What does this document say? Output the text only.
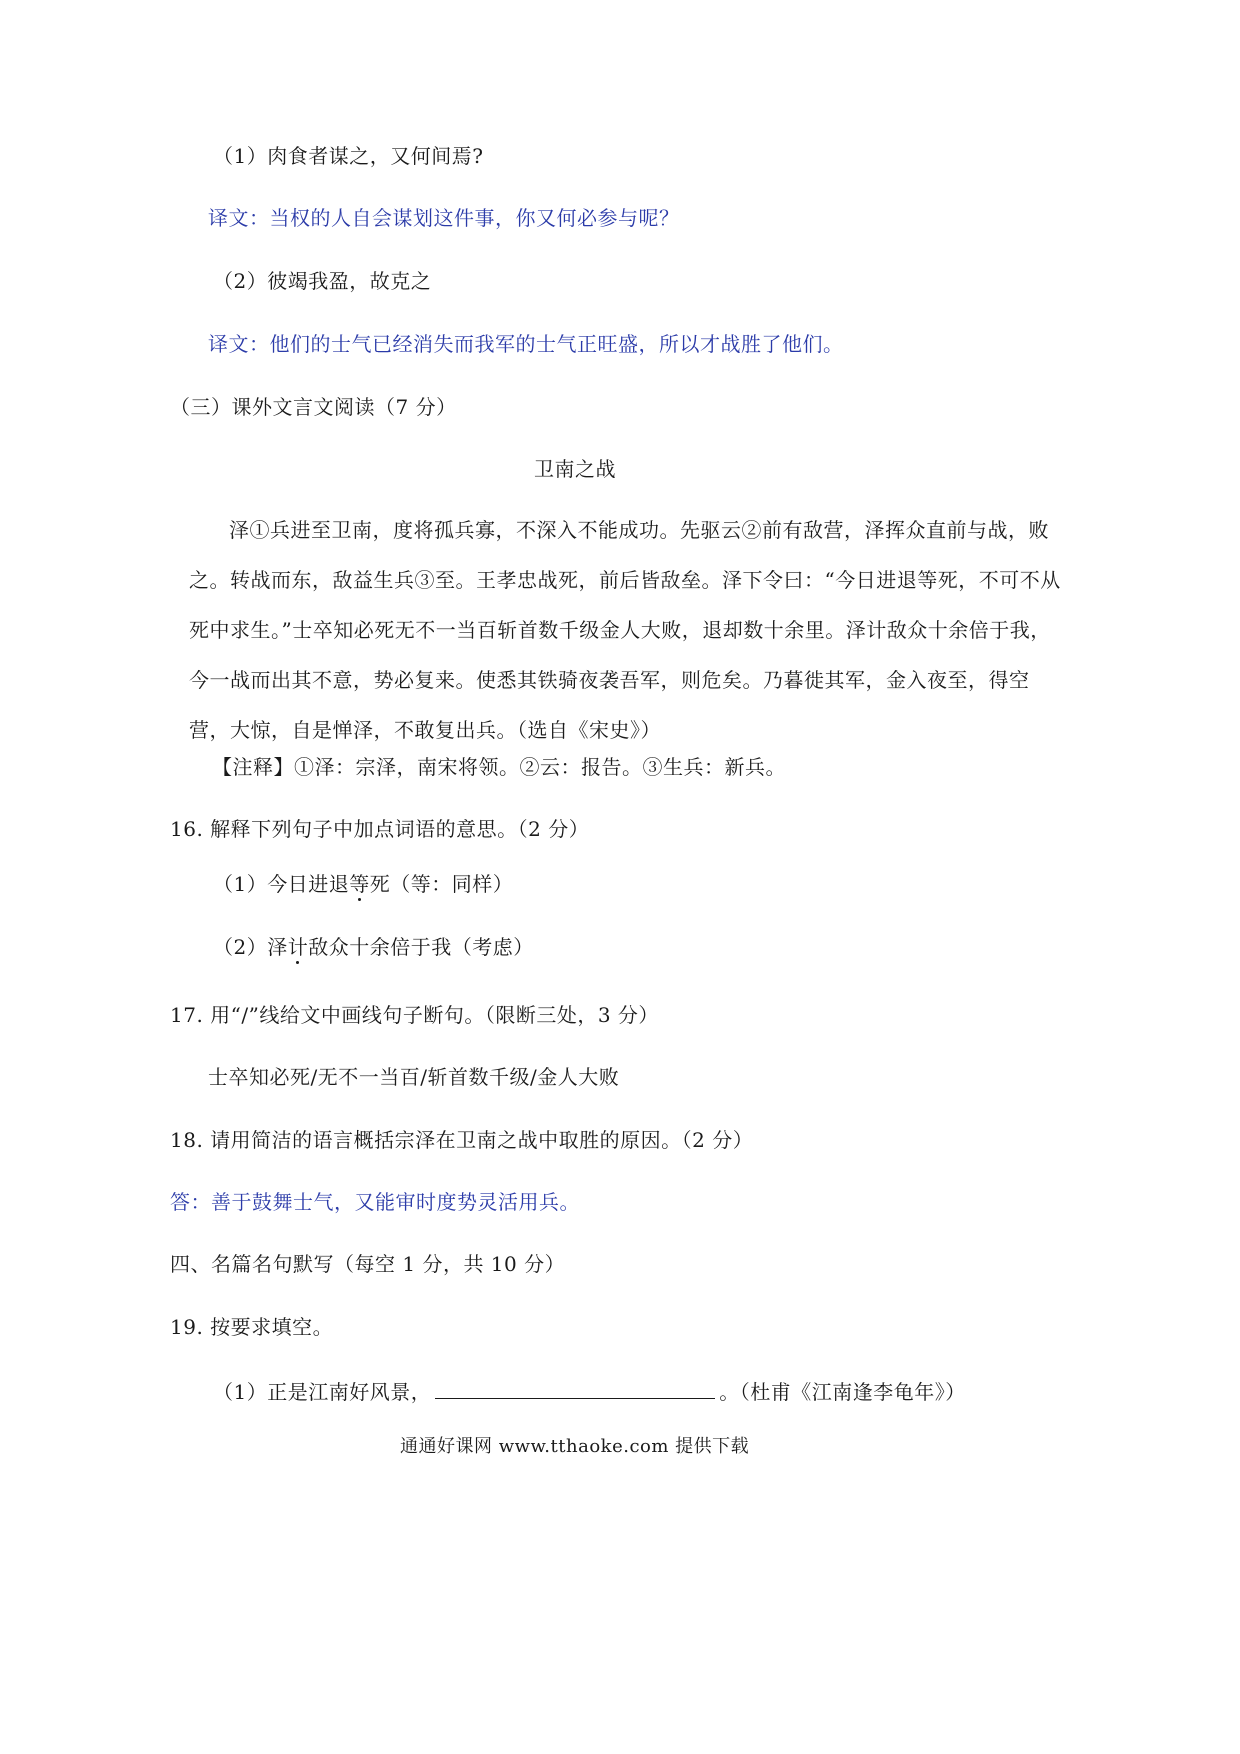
（1）肉食者谋之，又何间焉?
译文：当权的人自会谋划这件事，你又何必参与呢？
（2）彼竭我盈，故克之
译文：他们的士气已经消失而我军的士气正旺盛，所以才战胜了他们。
（三）课外文言文阅读（7 分）
卫南之战
泽①兵进至卫南，度将孤兵寡，不深入不能成功。先驱云②前有敌营，泽挥众直前与战，败之。转战而东，敌益生兵③至。王孝忠战死，前后皆敌垒。泽下令曰：“今日进退等死，不可不从死中求生。”士卒知必死无不一当百斩首数千级金人大败，退却数十余里。泽计敌众十余倍于我，今一战而出其不意，势必复来。使悉其铁骑夜袭吾军，则危矣。乃暮徙其军，金入夜至，得空营，大惊，自是惮泽，不敢复出兵。（选自《宋史》）
【注释】①泽：宗泽，南宋将领。②云：报告。③生兵：新兵。
16. 解释下列句子中加点词语的意思。（2 分）
（1）今日进退等死（等：同样）
（2）泽计敌众十余倍于我（考虑）
17. 用“/”线给文中画线句子断句。（限断三处，3 分）
士卒知必死/无不一当百/斩首数千级/金人大败
18. 请用简洁的语言概括宗泽在卫南之战中取胜的原因。（2 分）
答：善于鼓舞士气，又能审时度势灵活用兵。
四、名篇名句默写（每空 1 分，共 10 分）
19. 按要求填空。
（1）正是江南好风景，	。（杜甫《江南逢李龟年》）
通通好课网 www.tthaoke.com 提供下载
